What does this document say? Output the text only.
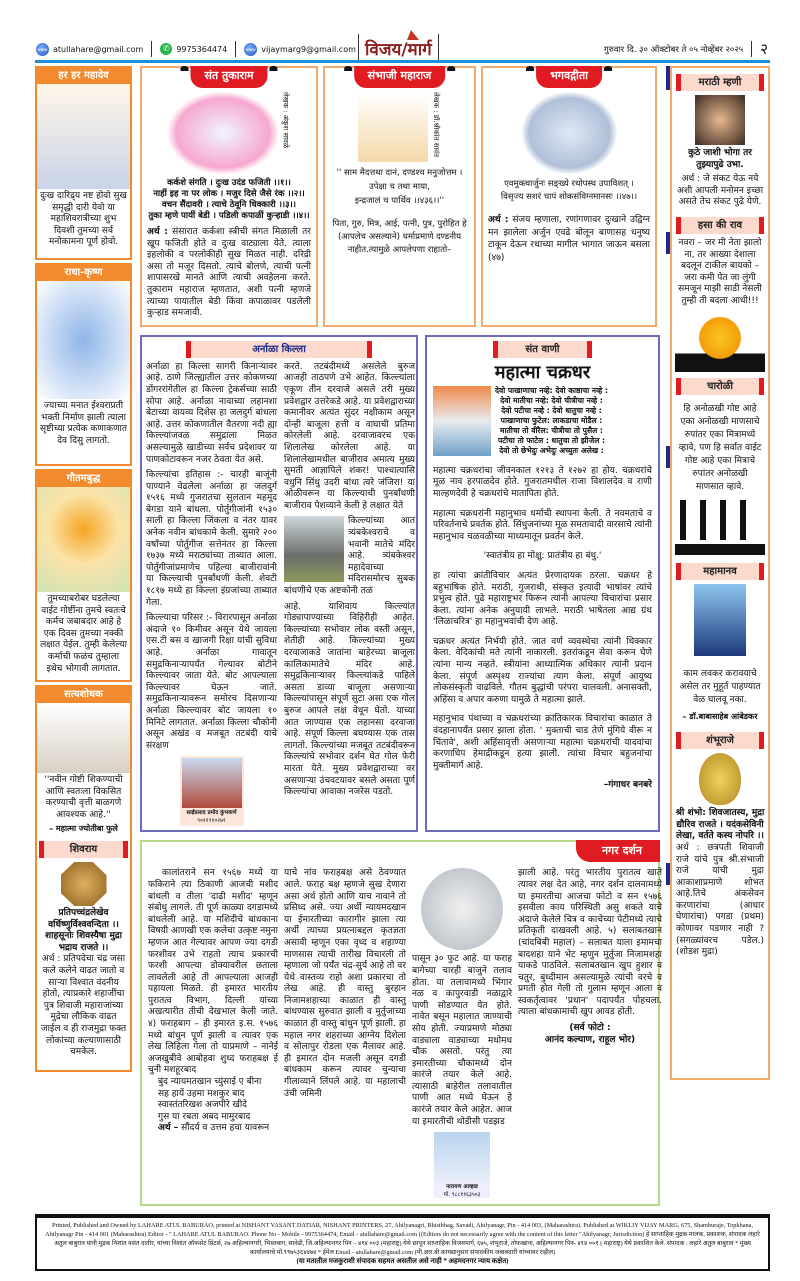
www atullahare@gmail.com	✆ 9975364474	www vijaymarg9@gmail.com विजय/मार्ग	गुरुवार दि. ३० ऑक्टोबर ते ०५ नोव्हेंबर २०२५ २
हर हर महादेव
दुःख दारिद्र्य नष्ट होवो सुख समृद्धी दारी येवो या महाशिवरात्रीच्या शुभ दिवशी तुमच्या सर्व मनोकामना पूर्ण होवो.
राधा-कृष्ण
ज्याच्या मनात ईश्वराप्रती भक्ती निर्माण झाली त्याला सृष्टीच्या प्रत्येक कणाकणात देव दिसु लागतो.
गौतमबुद्ध
तुमच्याबरोबर घडलेल्या वाईट गोष्टींना तुमचे स्वतःचे कर्मच जबाबदार आहे हे एक दिवस तुमच्या नक्की लक्षात येईल. तुम्ही केलेल्या कर्माची फळंच तुम्हाला इथेच भोगावी लागतात.
सत्यशोधक
''नवीन गोष्टी शिकण्याची आणि स्वतःला विकसित करण्याची वृत्ती बाळगणे आवश्यक आहे.''
– महात्मा ज्योतीबा फुले
शिवराय
प्रतिपच्चंद्रलेखेव वर्धिष्णुर्विश्ववन्दिता ।। शाहसूनोः शिवस्यैषा मुद्रा भद्राय राजते ।।
अर्थ : प्रतिपदेचा चंद्र जसा कले कलेने वाढत जातो व साऱ्या विश्वात वंदनीय होतो, त्याप्रकारे शहाजींचा पुत्र शिवाजी महाराजांच्या मुद्रेचा लौकिक वाढत जाईल व ही राजमुद्रा फक्त लोकांच्या कल्याणासाठी चमकेल.
संत तुकाराम
लेखक : अंकुश सावळे
कर्कशे संगति । दुःख उदंड फजिती ।।१।।
नाहीं इह ना पर लोक । मजुर दिसे जैसे रंक ।।२।।
वचन सैंदावरी । त्याचे ठेवूनि धिक्कारी ।।३।।
तुका म्हणे पायीं बेडी । पडिली कपाळीं कुऱ्हाडी ।।४।।
अर्थ : संसारात कर्कशा स्त्रीची संगत मिळाली तर खूप फजिती होते व दुःख वाट्याला येते. त्याला इहलोकी व परलोकीही सुख मिळत नाही. दरिद्री असा तो मजूर दिसतो. त्याचे बोलणे, त्याची पत्नी शापासरखे मानते आणि त्याची अवहेलना करते. तुकाराम महाराज म्हणतात, अशी पत्नी म्हणजे त्याच्या पायातील बेडी किंवा कपाळावर पडलेली कुऱ्हाड समजावी.
संभाजी महाराज
लेखक : डॉ.श्रीकांत सावंत
'' साम मैदत्तथा दानं, दण्डश्च मनुजोत्तम ।
उपेक्षा च तथा माया,
इन्द्रजालं च पार्थिव ।।४३६।।''
पिता, गुरु, मित्र, आई, पत्नी, पुत्र, पुरोहित हे (आपलेच असल्याने) धर्माप्रमाणे दण्डनीय नाहीत.त्यामुळे आपलेपणा राहातो–
भगवद्गीता
एवमुक्त्वार्जुनः सङ्ख्ये रथोपस्थ उपाविशत् ।
विसृज्य सशरं चापं शोकसंविग्नमानसः ।।४७।।
अर्थ : संजय म्हणाला, रणांगणावर दुःखाने उद्विग्न मन झालेला अर्जुन एवढे बोलून बाणासह धनुष्य टाकून देऊन रथाच्या मागील भागात जाऊन बसला (४७)
अर्नाळा किल्ला

अर्नाळा हा किल्ला सागरी किनाऱ्यावर आहे. ठाणे जिल्ह्यातील उत्तर कोकणच्या डोंगररांगेतील हा किल्ला ट्रेकर्सच्या साठी सोपा आहे. अर्नाळा नावाच्या लहानशा बेटाच्या वायव्य दिशेस हा जलदुर्ग बांधला आहे. उत्तर कोकणातील वैतरणा नदी ह्या किल्ल्यांजवळ समुद्राला मिळत असल्यामुळे खाडीच्या सर्वच प्रदेशावर या पाणकोटावरून नजर ठेवता येत असे.

किल्ल्यांचा इतिहास :- चारही बाजूंनी पाण्याने वेढलेला अर्नाळा हा जलदुर्ग १५१६ मध्ये गुजरातचा सुलतान महमूद बेगडा याने बांधला. पोर्तुगीजांनी १५३० साली हा किल्ला जिंकला व नंतर यावर अनेक नवीन बांधकामे केली. सुमारे २०० वर्षांच्या पोर्तुगीज सत्तेनंतर हा किल्ला १७३७ मध्ये मराठ्यांच्या ताब्यात आला. पोर्तुगीजांप्रमाणेच पहिल्या बाजीरावांनी या किल्ल्याची पुनर्बांधणी केली. शेवटी १८१७ मध्ये हा किल्ला इंग्रजांच्या ताब्यात गेला.

किल्ल्याचा परिसर :- विरारपासून अर्नाळा अंदाजे १० किमीवर असून येथे जायला एस.टी बस व खाजगी रिक्षा यांची सुविधा आहे. अर्नाळा गावातून समुद्रकिनाऱ्यापर्यंत गेल्यावर बोटीने किल्ल्यावर जाता येते. बोट आपल्याला किल्ल्यावर घेऊन जाते. समुद्रकिनाऱ्यावरून समोरच दिसणाऱ्या अर्नाळा किल्ल्यावर बोट जायला १० मिनिटे लागतात. अर्नाळा किल्ला चौकोनी असून अखंड व मजबूत तटबंदी याचे संरक्षण

साईप्रसाद प्रमोद कुंभकर्ण
९०११९१०२७१

करते. तटबंदीमध्ये असलेले बुरुज आजही ताठपणे उभे आहेत. किल्ल्यांला एकूण तीन दरवाजे असले तरी मुख्य प्रवेशद्वार उत्तरेकडे आहे. या प्रवेशद्वाराच्या कमानीवर अत्यंत सुंदर नक्षीकाम असून दोन्ही बाजूला हत्ती व वाघाची प्रतिमा कोरलेली आहे. दरवाजावरच एक शिलालेख कोरलेला आहे. या शिलालेखामधील बाजीराव अमात्य मुख्य सुमती आज्ञापिले शंकर! पाश्चात्यासि वधुनि सिंधु उदरी बांधा त्वरे जंजिरा! या ओळीवरून या किल्ल्याची पुनर्बांधणी बाजीराव पेशव्याने केली हे लक्षात येते

किल्ल्यांच्या आत त्र्यंबकेश्वराचे व भवानी मातेचे मंदिर आहे. त्र्यंबकेश्वर महादेवाच्या मंदिरासमोरच सुबक बांधणीचे एक अष्टकोनी तळं

आहे. याशिवाय किल्ल्यांत गोड्यापाण्याच्या विहिरीही आहेत. किल्ल्यांच्या सभोवार लोक वस्ती असून, शेतीही आहे. किल्ल्यांच्या मुख्य दरवाजाकडे जातांना बाहेरच्या बाजूला कालिकामातेचे मंदिर आहे. समुद्रकिनाऱ्यावर किल्ल्यांकडे पाहिले असता डाव्या बाजूला असणाऱ्या किल्ल्यांपासून संपूर्ण सुटा असा एक गोल बुरुज आपले लक्ष वेधून घेतो. याच्या आत जाण्यास एक लहानसा दरवाजा आहे. संपूर्ण किल्ला बघण्यास एक तास लागतो. किल्ल्यांच्या मजबूत तटबंदीवरून किल्ल्यांचे सभोवार दर्शन घेत गोल फेरी मारता येते. मुख्य प्रवेशद्वाराच्या वर असणाऱ्या उंचवटयावर बसले असता पूर्ण किल्ल्यांचा आवाका नजरेस पडतो.

संत वाणी
महात्मा चक्रधर
देवो पाखाणाचा नव्हे: देवो काष्ठाचा नव्हे :
देवो मातीचा नव्हे: देवो चीत्रीचा नव्हे :
देवो पटीचा नव्हे : देवो धातुचा नव्हे :
पाखाणाचा फुटेल: लाकडाचा मोडैल :
मातीचा तो वीरैल: चीत्रीचा तो पुसैल :
पटीचा तो फाटेल : धातुचा तो झीजेल :
देवो तो छेभेदुः अभेदुः अच्युतः अलेख :

महात्मा चक्रधरांचा जीवनकाल १२१३ ते १२७२ हा होय. चक्रधरांचे मूळ नाव हरपाळदेव होते. गुजरातमधील राजा विशालदेव व राणी माल्हणदेवी हे चक्रधरांचे मातापिता होते.

महात्मा चक्रधरांनी महानुभाव धर्माची स्थापना केली. ते नवमताचे व परिवर्तनाचे प्रवर्तक होते. सिंधुजनांच्या मूळ समतावादी वारसाचे त्यांनी महानुभाव चळवळीच्या माध्यमातून प्रवर्तन केले.

'स्वातंत्रीय हा मोक्षु: प्रातंत्रीय हा बंधु.'

हा त्यांचा क्रांतीविचार अत्यंत प्रेरणादायक ठरला. चक्रधर हे बहुभाषिक होते. मराठी, गुजराथी, संस्कृत इत्यादी भाषांवर त्यांचे प्रभुत्व होते. पुढे महाराष्ट्रभर फिरून त्यांनी आपल्या विचारांचा प्रसार केला. त्यांना अनेक अनुयायी लाभले. मराठी भाषेतला आद्य ग्रंथ 'लिळाचरित्र' हा महानुभवांची देण आहे.

चक्रधर अत्यंत निर्भयी होते. जात वर्ण व्यवस्थेचा त्यांनी धिक्कार केला. वेदिकांची मते त्यांनी नाकारली. इतरांकडून सेवा करून घेणे त्यांना मान्य नव्हते. स्त्रीयांना आध्यात्मिक अधिकार त्यांनी प्रदान केला. संपूर्ण अस्पृश्य राज्यांचा त्याग केला. संपूर्ण आयुष्य लोकसंस्कृती वाढविले. गौतम बुद्धांची परंपरा चालवली. अनासक्ती, अहिंसा व अपार करुणा यामुळे ते महात्मा झाले.

महानुभाव पंथाच्या व चक्रधरांच्या क्रांतिकारक विचारांचा काळात ते वंदहानापर्यंत प्रसार झाला होता. ' मुक्ताची चाड तेणे मुंगिये वीरू न चिंतावे', अशी अहिंसावृत्ती असणाऱ्या महात्मा चक्रधरांची यादवांचा करणाधिप हेमाद्रीकडून हत्या झाली. त्यांचा विचार बहुजनांचा मुक्तीमार्ग आहे.

–गंगाधर बनबरे
नगर दर्शन

कालांतराने सन १५६७ मध्ये या फकिराने त्या ठिकाणी आजची मशीद बांधली व तीला 'दाढी मशीद' म्हणून संबोधु लागले. ती पूर्ण काळ्या दगडामध्ये बांधलेली आहे. या मशिदीचे बांधकाना विषयी आणखी एक कलेचा उत्कृष्ट नमुना म्हणज आत गेल्यावर आपण ज्या दगडी फरशीवर उभे राहतो त्याच प्रकारची फरशी आपल्या डोक्यावरील छताला लावलेली आहे ती आपल्याला आजही पहायला मिळते. ही इमारत भारतीय पुरातत्व विभाग, दिल्ली यांच्या अखत्यारीत तीची देखभाल केली जाते. ४) फराहबाग – ही इमारत इ.स. १५७६ मध्ये बांधुन पूर्ण झाली व त्यावर एक लेख लिहिला गेला तो याप्रमाणे – नानेई अजखुबीवे आबोहवा शुध्द फराहबक्ष ई चुनी मशहूरबाद

बुंद न्यायमतखान च्युंसाई ए बीना
सह हायें उहमा मशकुर बाद
स्वास्तंतरिखश अजपीरे खीदे
गुस या रबता अबद मामुरबाद
अर्थ – सौंदर्य व उत्तम हवा यावरून

याचे नांव फराहबक्ष असे ठेवण्यात आले. फराह बक्ष म्हणजे सुख देणारा असा अर्थ होतो आणि याच नावाने तो प्रसिध्द असे. ज्या अर्थी न्यायमदखान या ईमारतीच्या कारागीर झाला त्या अर्थी त्याच्या प्रयत्नाबद्दल कृतज्ञता असावी म्हणून एका वृध्द व शहाण्या माणसास त्याची तारीख विचारली तो म्हणाला जो पर्यंत चंद्र-सुर्य आहे तो वर येथे वास्तव्य राहो अशा प्रकारचा तो लेख आहे. ही वास्तु बुरहान निजामशहाच्या काळात ही वास्तु बांधण्यास सुरुवात झाली व मुर्तुजाच्या काळात ही वास्तु बांधुन पूर्ण झाली. हा महाल नगर शहराच्या आग्नेय दिशेला व सोलापुर रोडला एक मैलावर आहे. ही इमारत दोन मजली असून दगडी बांधकाम करून त्यावर चुन्याचा गीलाव्याने लिंपले आहे. या महालाची उंची जमिनी

पासून ३० फुट आहे. या फराह बागेच्या चारही बाजुने तलाव होता. या तलावामध्ये भिंगार नळ व कापुरवाडी नळाद्वारे पाणी सोडण्यात येत होते. नावेत बसून महालात जाण्याची सोय होती. ज्याप्रमाणे मोठ्या वाड्याला वाड्याच्या मधोमध चौक असतो. परंतु त्या इमारतीच्या चौकामध्ये दोन कारंजे तयार केले आहे. त्यासाठी बाहेरील तलावातील पाणी आत मध्ये घेऊन हे कारंजे तयार केले आहेत. आज या इमारतीची थोडीसी पडझड

नारायण आव्हाड
मो. ९८८११६३५०३

झाली आहे. परंतु भारतीय पुरातत्व खाते त्यावर लक्ष देत आहे, नगर दर्शन दालनामध्ये या इमारतीचा आजचा फोटो व सन १५७६ इसवीला काय परिस्थिती असु शकते याचे अंदाजे केलेले चित्र व काचेच्या पेटीमध्ये त्याचे प्रतिकृती दाखवली आहे. ५) सलाबतखान (चांदबिबी महाल) – सलाबत याला इमामचा बादशहा याने भेट म्हणुन मुर्तुजा निजामशहा याकडे पाठविले. सलाबतखान खुप हुशार व चतुर, बुध्दीमान असल्यामुळे त्यांची वरचे व प्रगती होत गेली तो गुलाम म्हणून आला व स्वकर्तृत्वावर 'प्रधान' पदापर्यंत पोहचला. त्याला बांधकामाची खुप आवड होती.

(सर्व फोटो :
आनंद कल्याण, राहूल भोर)
मराठी म्हणी
कुठे जाशी भोगा तर तुझ्यापुढे उभा.
अर्थ : जे संकट येऊ नये अशी आपली मनोमन इच्छा असते तेच संकट पुढे येणे.
हसा की राव
नवरा – जर मी नेता झालो ना, तर आख्या देशाला बदलून टाकील बायको – जरा कमी पेत जा लुंगी समजून माझी साडी नेसली तुम्ही ती बदला आधी!!!
चारोळी
हि अनोळखी गोष्ट आहे एका अनोळखी माणसाचे रुपांतर एका मित्रामध्ये व्हावे, पण हि सर्वात वाईट गोष्ट आहे एका मित्राचे रुपांतर अनोळखी माणसात व्हावे.
महामानव
काम लवकर करावयाचे असेल तर मुहूर्त पाहण्यात वेळ घालवू नका.
– डॉ.बाबासाहेब आंबेडकर
शंभूराजे
श्री शंभो: शिवजातस्य, मुद्रा द्यौरिव राजते । यदंकसेविनी लेखा, वर्तते कस्य नोपरि ।।
अर्थ : छत्रपती शिवाजी राजे यांचे पुत्र श्री.संभाजी राजे यांची मुद्रा आकाशाप्रमाणे शोभत आहे.तिचे अंकसेवन करणारांचा (आधार घेणारांचा) पगडा (प्रथम) कोणावर पडणार नाही ? (सगळ्यांवरच पडेल.) (शोडश मुद्रा)
Printed, Published and Owned by LAHARE ATUL BABURAO, printed at NISHANT VASANT DATIAR, NISHANT PRINTERS, 27, Ahilyanagri, Bhistbhag, Savadi, Ahilyanagr, Pin - 414 003, (Maharashtra). Published at WIKLIY VIJAY MARG, 675, Shamburaje, Topkhana, Ahilyanagr Pin - 414 001 (Maharashtra) Editor - " LAHARE ATUL BABURAO. Phone No - Mobile - 9975364474, Email - atullahare@gmail.com ((Editors do not necessarily agree with the content of this letter "Ahilyanagr, Jurisdiction) हे साप्ताहिक मुद्रक मालक, प्रकाशक, संपादक लहारे अतुल बाबुराव यांनी मुद्रक निशांत वसंत दातीर, यांच्या निशांत ऑफसेट प्रिंटर्स, २७ अहिल्यानगरी, भिस्तबाग, सावेडी, जि.अहिल्यानगर पिन – ४१४ ००३ (महाराष्ट्र) येथे छापून साप्ताहिक विजयमार्ग, ६७५, शंभूराजे, तोफखाना, अहिल्यानगर पिन- ४१४ ००१ ( महाराष्ट्र) येथे प्रकाशित केले. संपादक : लहारे अतुल बाबुराव * मुख्य कार्यालयाचे मो.९९७५३६४४७४ * ईमेल Email - atullahare@gmail.com (पी.आर.बी.कायद्यानुसार संपादकीय जबाबदारी यांच्यावर राहील)
(या मतातील मजकुराशी संपादक सहमत असतील असे नाही * अहमदनगर न्याय कक्षेत)
